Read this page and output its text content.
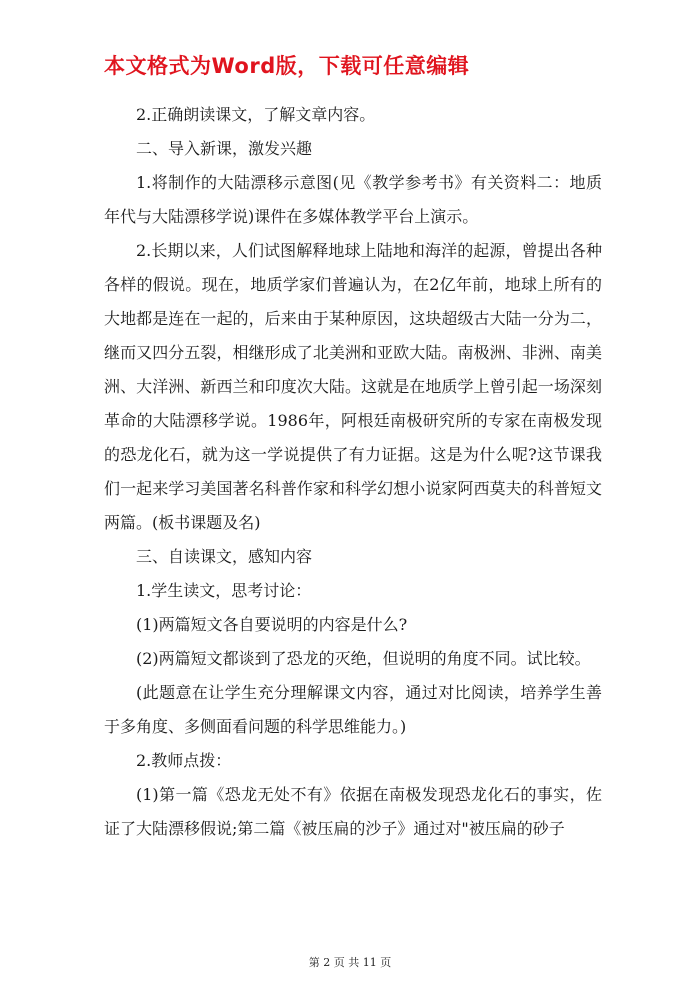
本文格式为Word版，下载可任意编辑

2.正确朗读课文，了解文章内容。

二、导入新课，激发兴趣

1.将制作的大陆漂移示意图(见《教学参考书》有关资料二：地质年代与大陆漂移学说)课件在多媒体教学平台上演示。

2.长期以来，人们试图解释地球上陆地和海洋的起源，曾提出各种各样的假说。现在，地质学家们普遍认为，在2亿年前，地球上所有的大地都是连在一起的，后来由于某种原因，这块超级古大陆一分为二，继而又四分五裂，相继形成了北美洲和亚欧大陆。南极洲、非洲、南美洲、大洋洲、新西兰和印度次大陆。这就是在地质学上曾引起一场深刻革命的大陆漂移学说。1986年，阿根廷南极研究所的专家在南极发现的恐龙化石，就为这一学说提供了有力证据。这是为什么呢?这节课我们一起来学习美国著名科普作家和科学幻想小说家阿西莫夫的科普短文两篇。(板书课题及名)

三、自读课文，感知内容

1.学生读文，思考讨论：

(1)两篇短文各自要说明的内容是什么?

(2)两篇短文都谈到了恐龙的灭绝，但说明的角度不同。试比较。

(此题意在让学生充分理解课文内容，通过对比阅读，培养学生善于多角度、多侧面看问题的科学思维能力。)

2.教师点拨：

(1)第一篇《恐龙无处不有》依据在南极发现恐龙化石的事实，佐证了大陆漂移假说;第二篇《被压扁的沙子》通过对"被压扁的砂子

第 2 页 共 11 页
